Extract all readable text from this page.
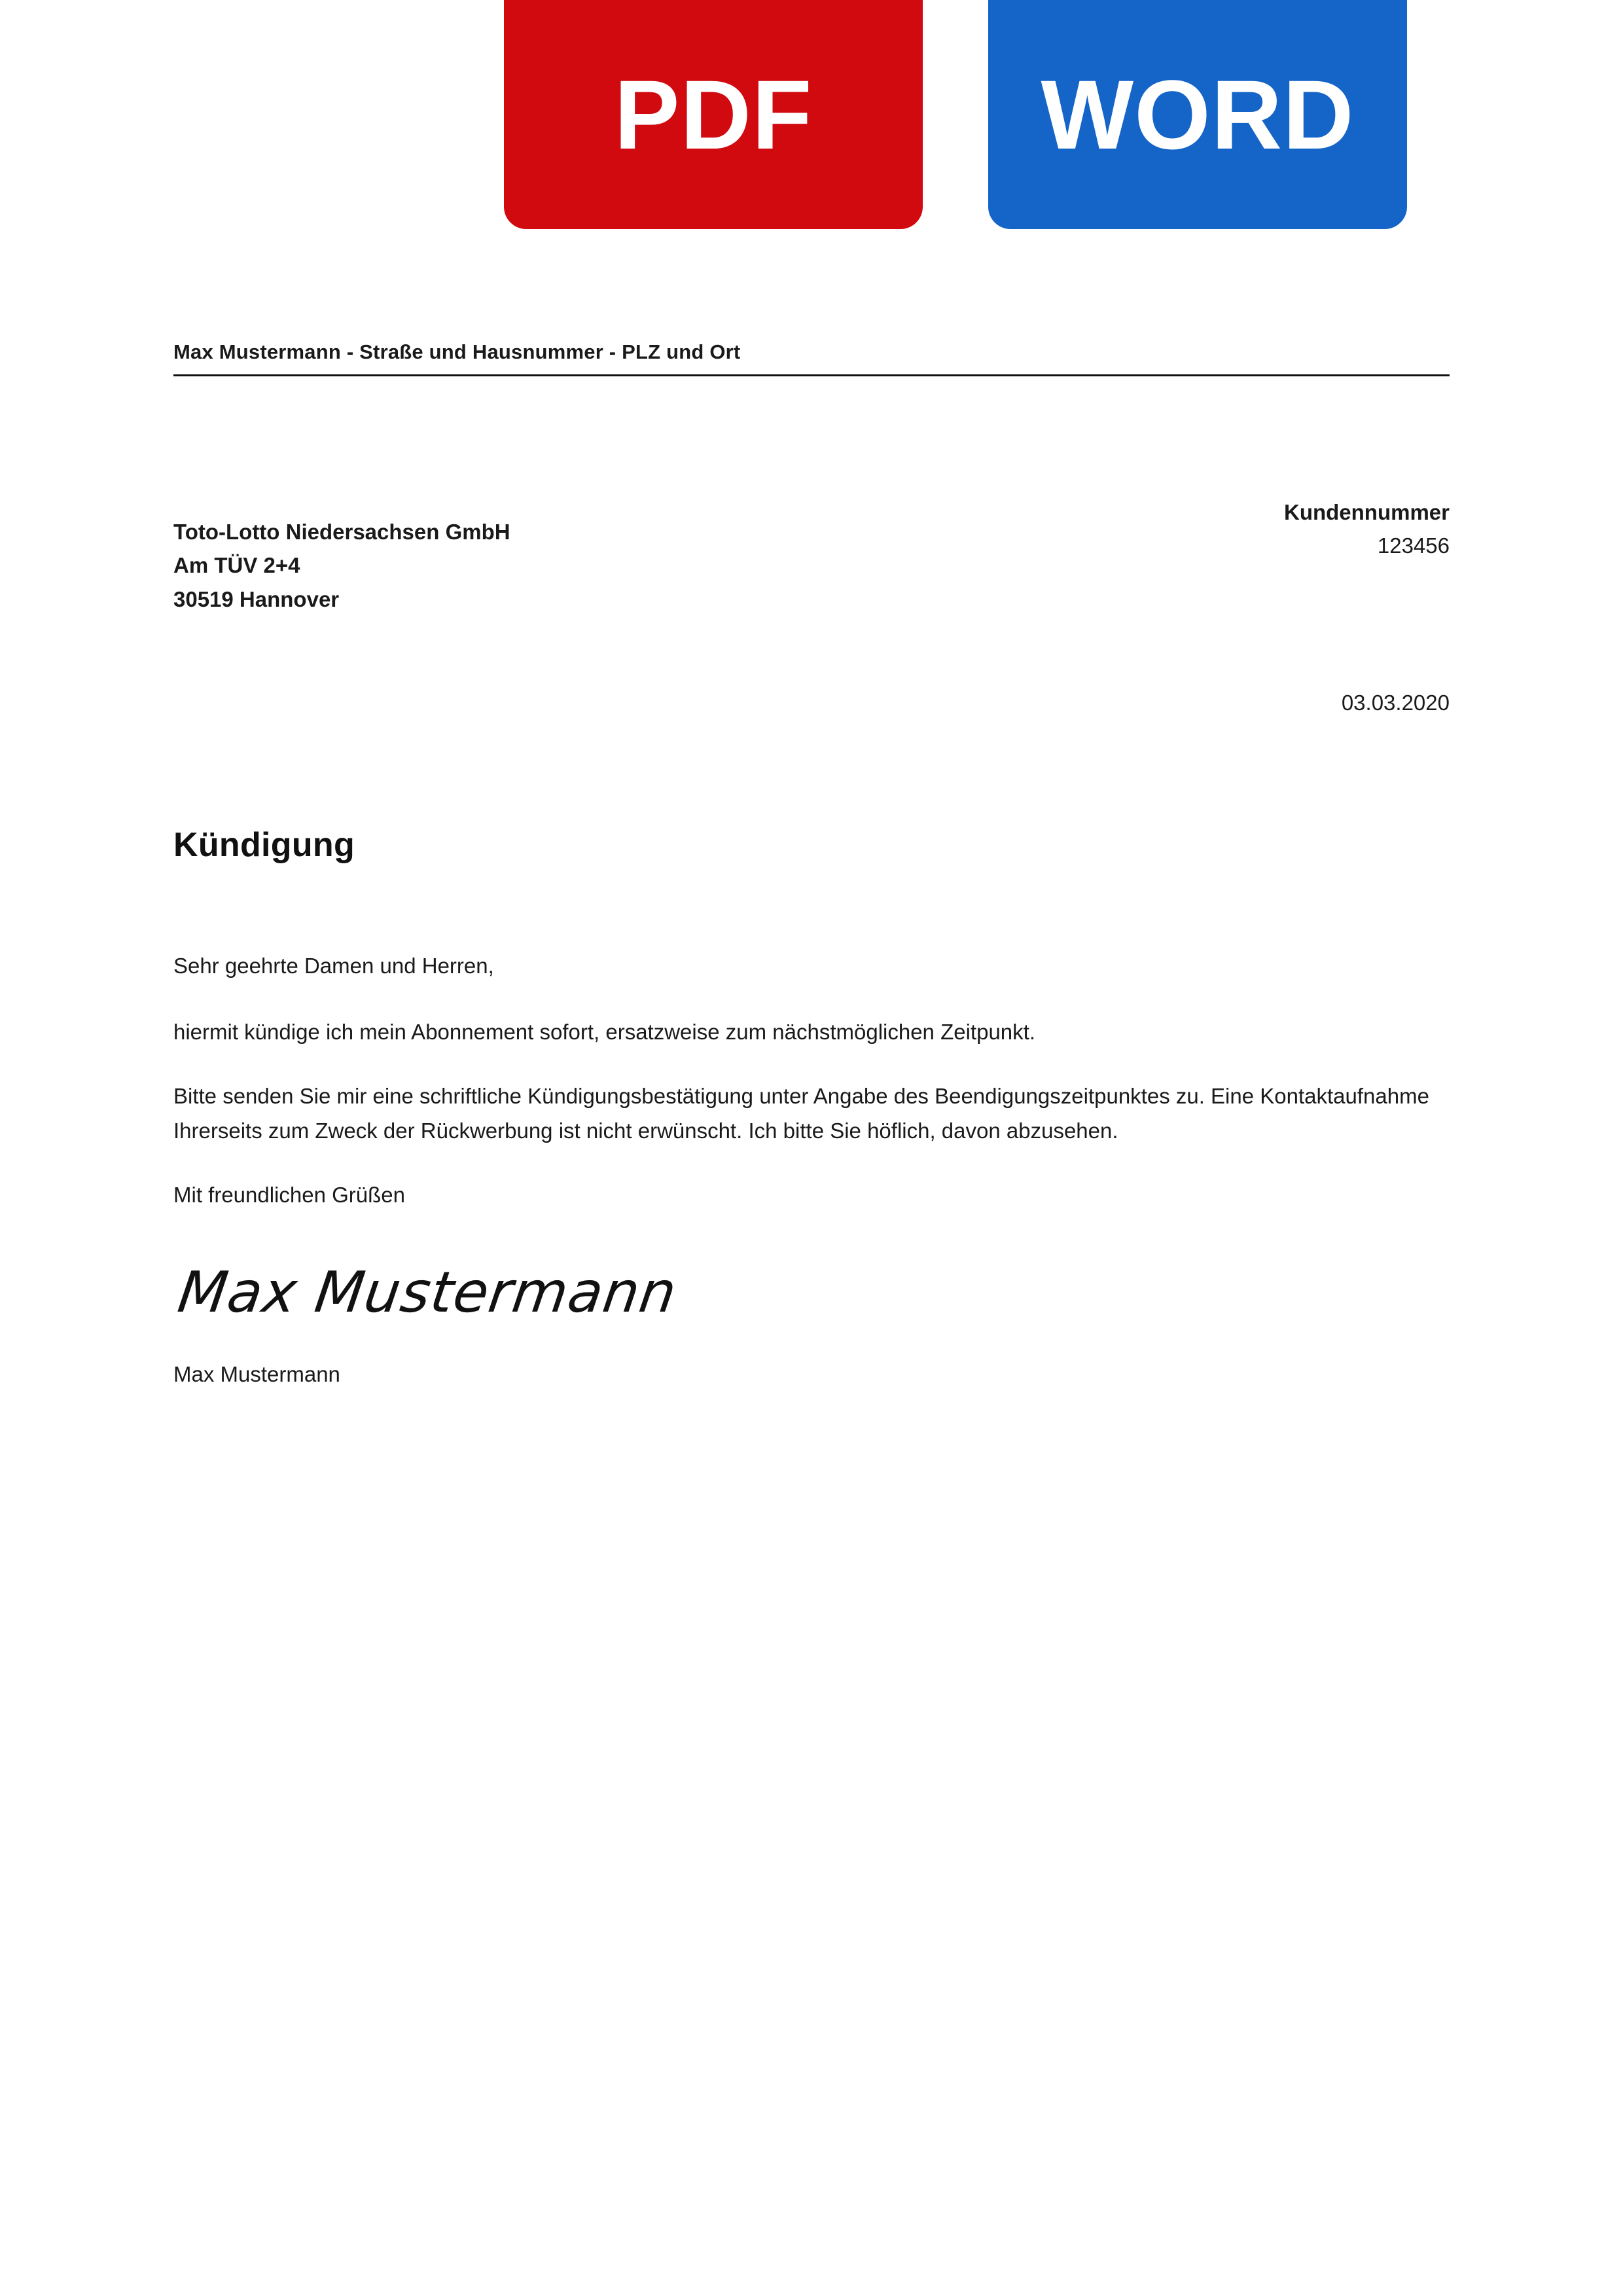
PDF	WORD
Max Mustermann - Straße und Hausnummer - PLZ und Ort
Toto-Lotto Niedersachsen GmbH
Am TÜV 2+4
30519 Hannover
Kundennummer
123456
03.03.2020
Kündigung

Sehr geehrte Damen und Herren,

hiermit kündige ich mein Abonnement sofort, ersatzweise zum nächstmöglichen Zeitpunkt.

Bitte senden Sie mir eine schriftliche Kündigungsbestätigung unter Angabe des Beendigungszeitpunktes zu. Eine Kontaktaufnahme Ihrerseits zum Zweck der Rückwerbung ist nicht erwünscht. Ich bitte Sie höflich, davon abzusehen.

Mit freundlichen Grüßen

Max Mustermann
Max Mustermann
